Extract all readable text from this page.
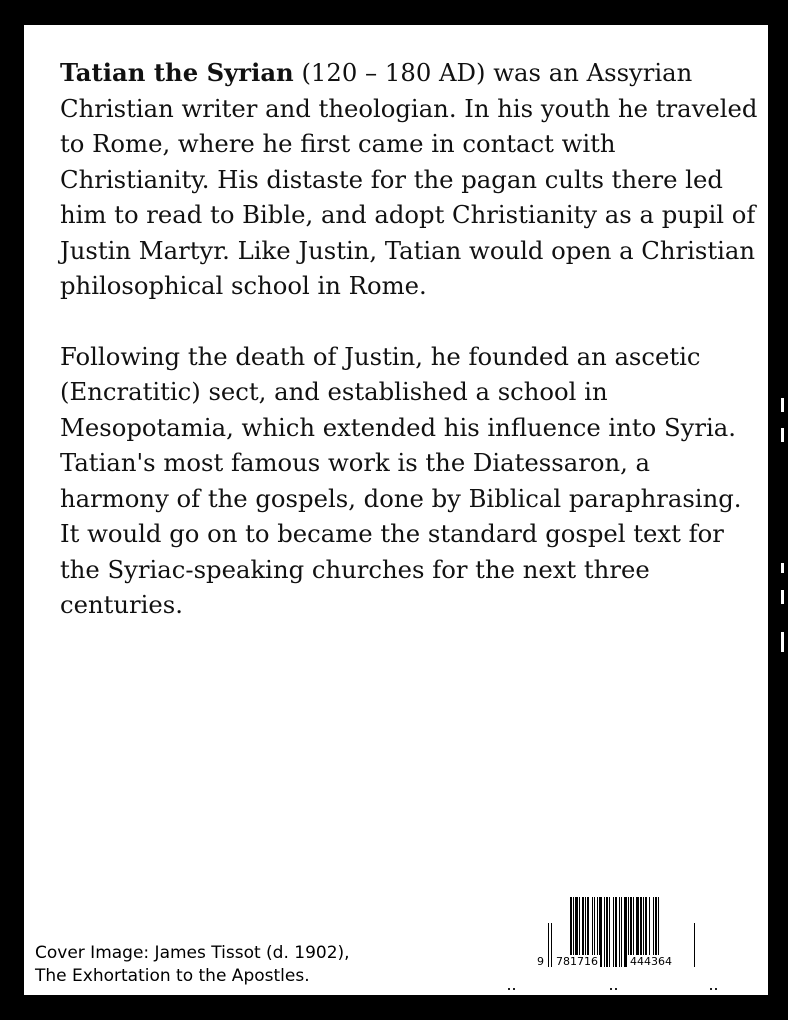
Tatian the Syrian (120 – 180 AD) was an Assyrian Christian writer and theologian. In his youth he traveled to Rome, where he first came in contact with Christianity. His distaste for the pagan cults there led him to read to Bible, and adopt Christianity as a pupil of Justin Martyr. Like Justin, Tatian would open a Christian philosophical school in Rome.

Following the death of Justin, he founded an ascetic (Encratitic) sect, and established a school in Mesopotamia, which extended his influence into Syria. Tatian's most famous work is the Diatessaron, a harmony of the gospels, done by Biblical paraphrasing. It would go on to became the standard gospel text for the Syriac-speaking churches for the next three centuries.

Cover Image: James Tissot (d. 1902),
The Exhortation to the Apostles.
9 781716	444364
